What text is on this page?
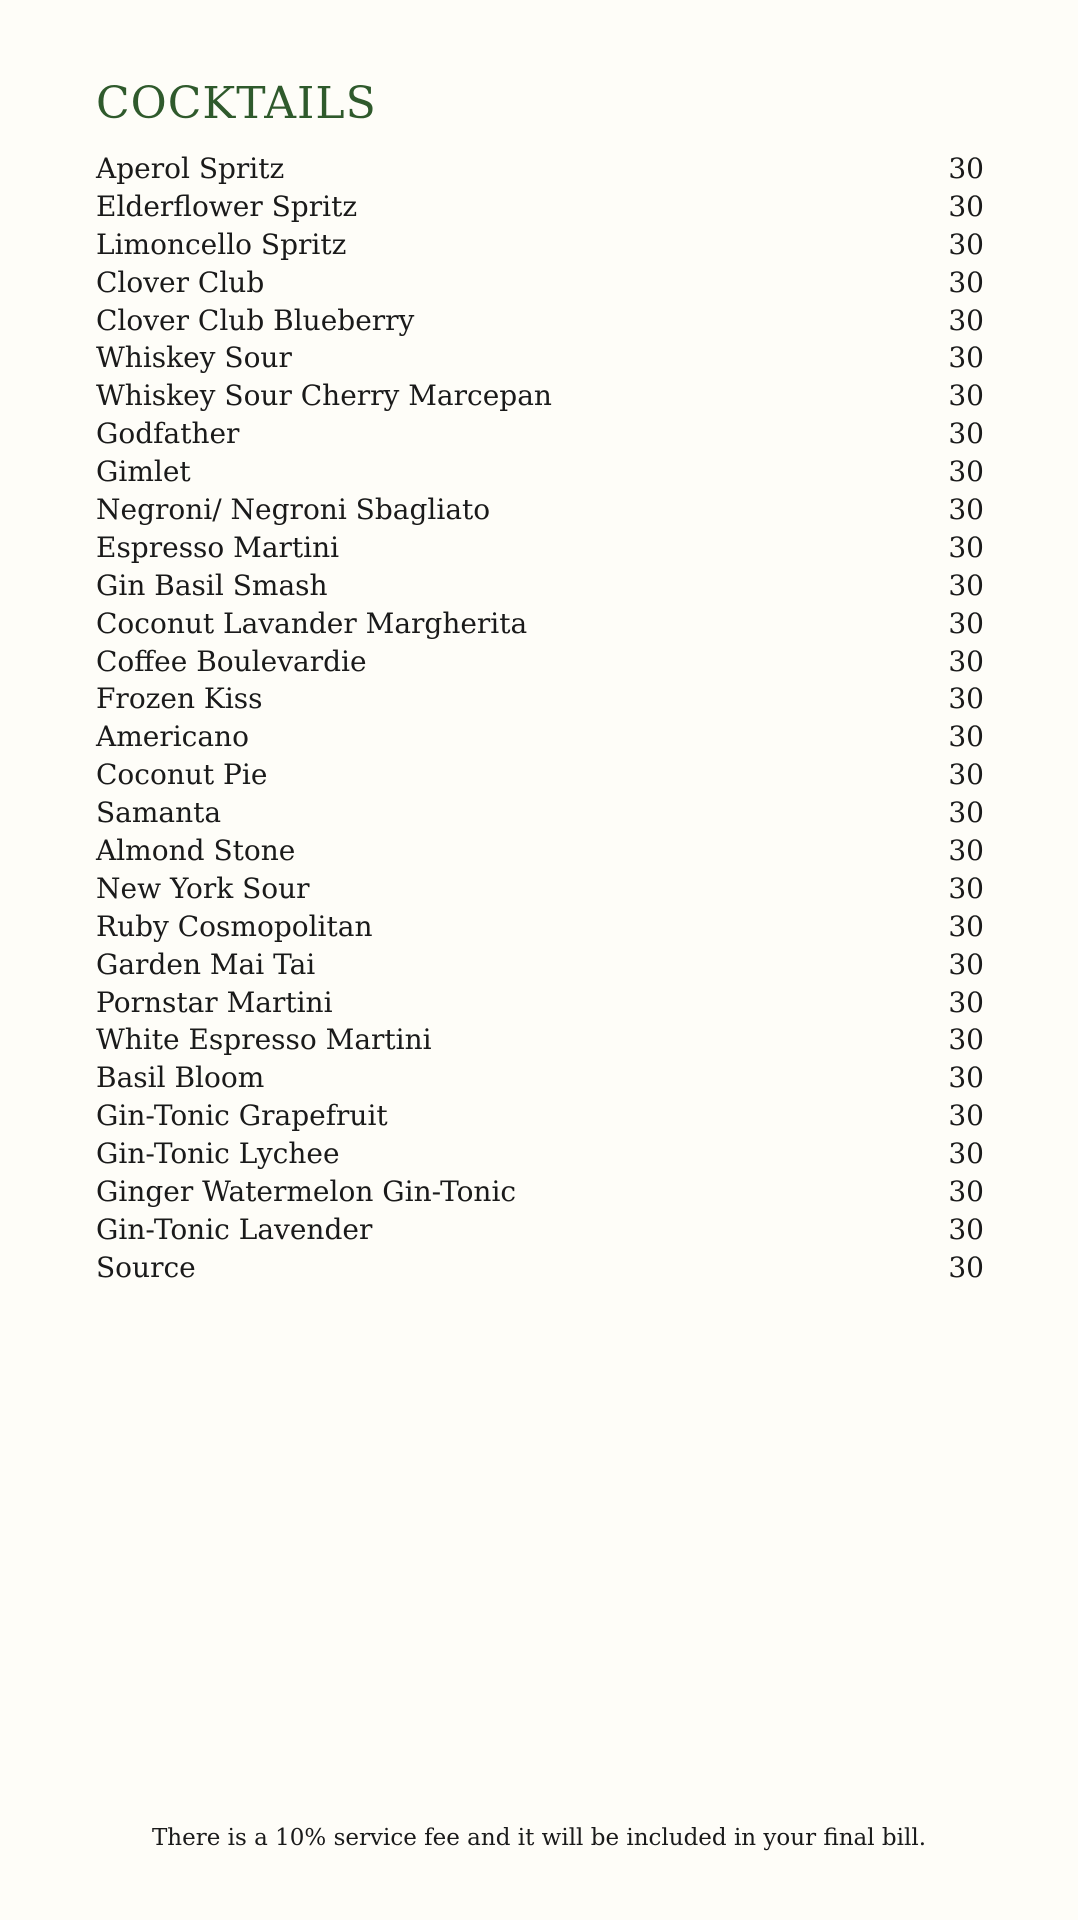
COCKTAILS
Aperol Spritz	30
Elderflower Spritz	30
Limoncello Spritz	30
Clover Club	30
Clover Club Blueberry	30
Whiskey Sour	30
Whiskey Sour Cherry Marcepan	30
Godfather	30
Gimlet	30
Negroni/ Negroni Sbagliato	30
Espresso Martini	30
Gin Basil Smash	30
Coconut Lavander Margherita	30
Coffee Boulevardie	30
Frozen Kiss	30
Americano	30
Coconut Pie	30
Samanta	30
Almond Stone	30
New York Sour	30
Ruby Cosmopolitan	30
Garden Mai Tai	30
Pornstar Martini	30
White Espresso Martini	30
Basil Bloom	30
Gin-Tonic Grapefruit	30
Gin-Tonic Lychee	30
Ginger Watermelon Gin-Tonic	30
Gin-Tonic Lavender	30
Source	30

There is a 10% service fee and it will be included in your final bill.
